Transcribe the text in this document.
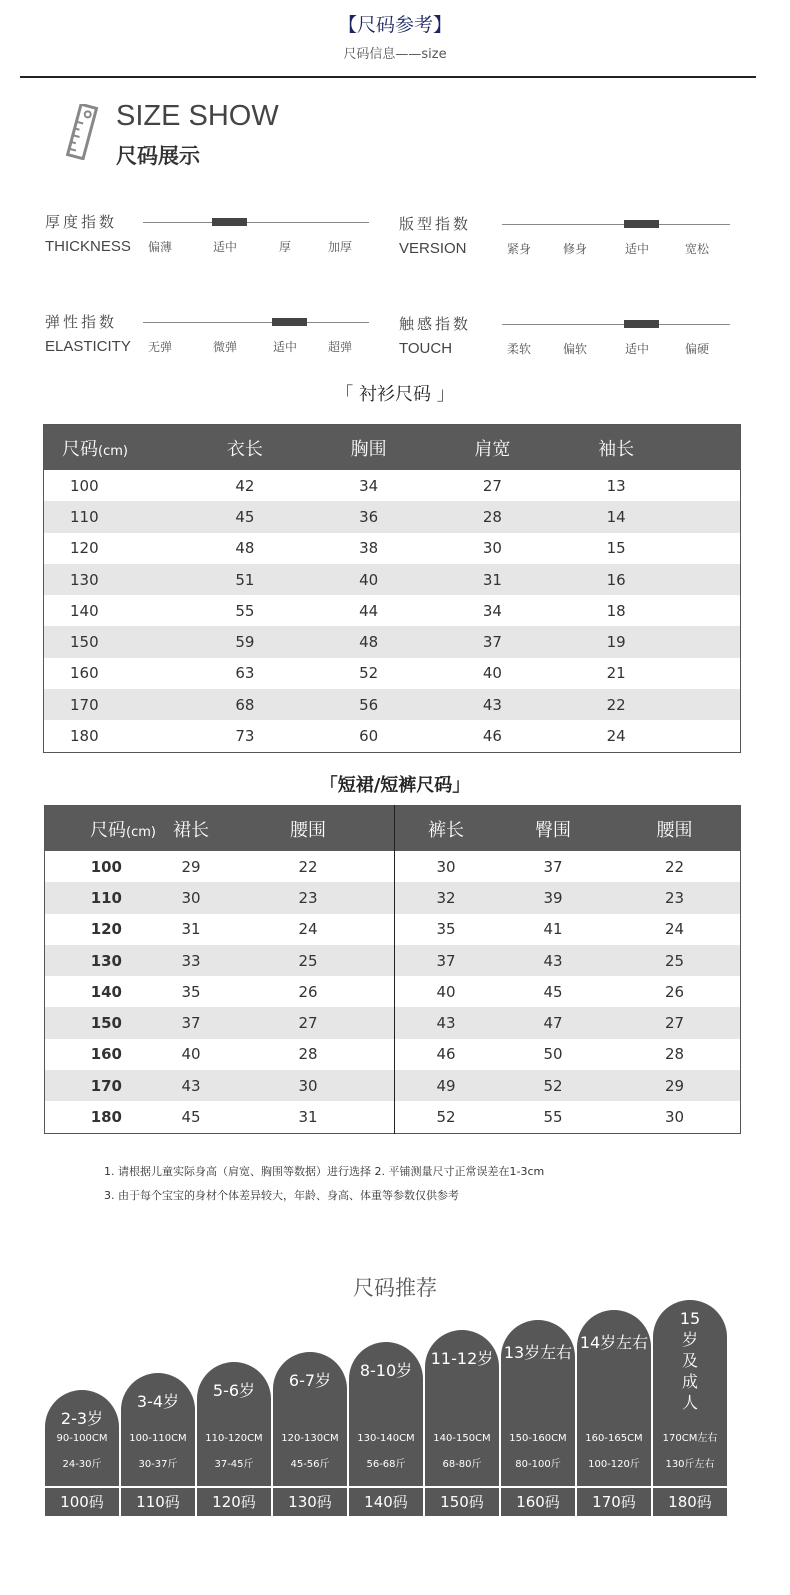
【尺码参考】
尺码信息——size
SIZE SHOW
尺码展示
厚度指数
THICKNESS	偏薄	适中	厚	加厚
版型指数
VERSION	紧身	修身	适中	宽松
弹性指数
ELASTICITY	无弹	微弹	适中	超弹
触感指数
TOUCH	柔软	偏软	适中	偏硬
「 衬衫尺码 」
尺码(cm)	衣长	胸围	肩宽	袖长	
100	42	34	27	13	
110	45	36	28	14	
120	48	38	30	15	
130	51	40	31	16	
140	55	44	34	18	
150	59	48	37	19	
160	63	52	40	21	
170	68	56	43	22	
180	73	60	46	24	
「短裙/短裤尺码」
尺码(cm)	裙长	腰围	裤长	臀围	腰围
100	29	22	30	37	22
110	30	23	32	39	23
120	31	24	35	41	24
130	33	25	37	43	25
140	35	26	40	45	26
150	37	27	43	47	27
160	40	28	46	50	28
170	43	30	49	52	29
180	45	31	52	55	30
1. 请根据儿童实际身高（肩宽、胸围等数据）进行选择 2. 平铺测量尺寸正常误差在1-3cm
3. 由于每个宝宝的身材个体差异较大，年龄、身高、体重等参数仅供参考
尺码推荐
2-3岁
90-100CM
24-30斤
100码
3-4岁
100-110CM
30-37斤
110码
5-6岁
110-120CM
37-45斤
120码
6-7岁
120-130CM
45-56斤
130码
8-10岁
130-140CM
56-68斤
140码
11-12岁
140-150CM
68-80斤
150码
13岁左右
150-160CM
80-100斤
160码
14岁左右
160-165CM
100-120斤
170码
15岁及成人
170CM左右
130斤左右
180码
